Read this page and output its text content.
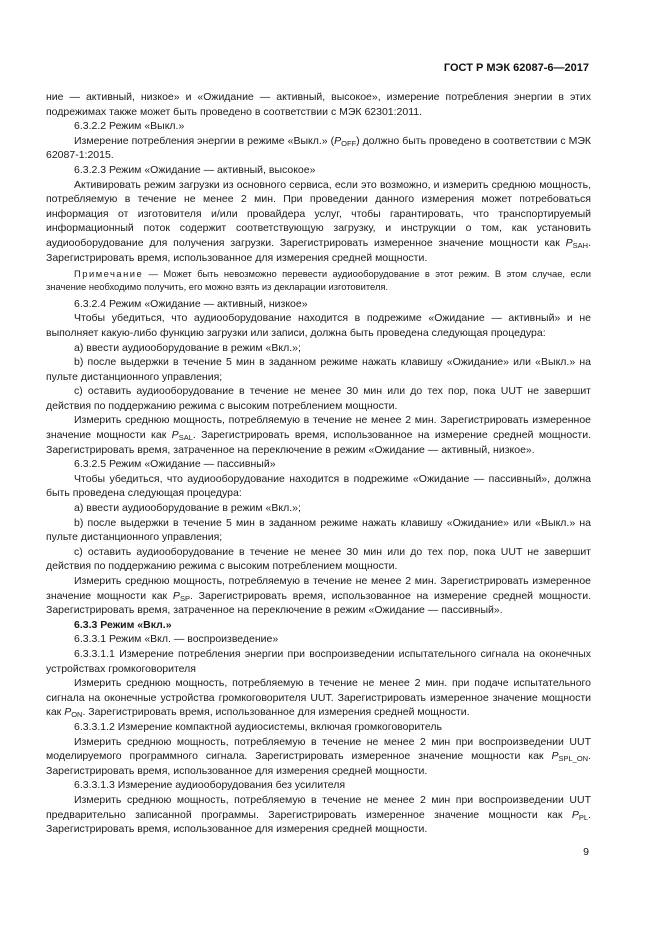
ГОСТ Р МЭК 62087-6—2017

ние — активный, низкое» и «Ожидание — активный, высокое», измерение потребления энергии в этих подрежимах также может быть проведено в соответствии с МЭК 62301:2011.

6.3.2.2 Режим «Выкл.»

Измерение потребления энергии в режиме «Выкл.» $(P_{OFF})$ должно быть проведено в соответствии с МЭК 62087-1:2015.

6.3.2.3 Режим «Ожидание — активный, высокое»

Активировать режим загрузки из основного сервиса, если это возможно, и измерить среднюю мощность, потребляемую в течение не менее 2 мин. При проведении данного измерения может потребоваться информация от изготовителя и/или провайдера услуг, чтобы гарантировать, что транспортируемый информационный поток содержит соответствующую загрузку, и инструкции о том, как установить аудиооборудование для получения загрузки. Зарегистрировать измеренное значение мощности как $P_{SAH}$. Зарегистрировать время, использованное для измерения средней мощности.

Примечание — Может быть невозможно перевести аудиооборудование в этот режим. В этом случае, если значение необходимо получить, его можно взять из декларации изготовителя.

6.3.2.4 Режим «Ожидание — активный, низкое»

Чтобы убедиться, что аудиооборудование находится в подрежиме «Ожидание — активный» и не выполняет какую-либо функцию загрузки или записи, должна быть проведена следующая процедура:

a) ввести аудиооборудование в режим «Вкл.»;

b) после выдержки в течение 5 мин в заданном режиме нажать клавишу «Ожидание» или «Выкл.» на пульте дистанционного управления;

c) оставить аудиооборудование в течение не менее 30 мин или до тех пор, пока UUT не завершит действия по поддержанию режима с высоким потреблением мощности.

Измерить среднюю мощность, потребляемую в течение не менее 2 мин. Зарегистрировать измеренное значение мощности как $P_{SAL}$. Зарегистрировать время, использованное на измерение средней мощности. Зарегистрировать время, затраченное на переключение в режим «Ожидание — активный, низкое».

6.3.2.5 Режим «Ожидание — пассивный»

Чтобы убедиться, что аудиооборудование находится в подрежиме «Ожидание — пассивный», должна быть проведена следующая процедура:

a) ввести аудиооборудование в режим «Вкл.»;

b) после выдержки в течение 5 мин в заданном режиме нажать клавишу «Ожидание» или «Выкл.» на пульте дистанционного управления;

c) оставить аудиооборудование в течение не менее 30 мин или до тех пор, пока UUT не завершит действия по поддержанию режима с высоким потреблением мощности.

Измерить среднюю мощность, потребляемую в течение не менее 2 мин. Зарегистрировать измеренное значение мощности как $P_{SP}$. Зарегистрировать время, использованное на измерение средней мощности. Зарегистрировать время, затраченное на переключение в режим «Ожидание — пассивный».

6.3.3 Режим «Вкл.»

6.3.3.1 Режим «Вкл. — воспроизведение»

6.3.3.1.1 Измерение потребления энергии при воспроизведении испытательного сигнала на оконечных устройствах громкоговорителя

Измерить среднюю мощность, потребляемую в течение не менее 2 мин. при подаче испытательного сигнала на оконечные устройства громкоговорителя UUT. Зарегистрировать измеренное значение мощности как $P_{ON}$. Зарегистрировать время, использованное для измерения средней мощности.

6.3.3.1.2 Измерение компактной аудиосистемы, включая громкоговоритель

Измерить среднюю мощность, потребляемую в течение не менее 2 мин при воспроизведении UUT моделируемого программного сигнала. Зарегистрировать измеренное значение мощности как $P_{SPL\_ON}$. Зарегистрировать время, использованное для измерения средней мощности.

6.3.3.1.3 Измерение аудиооборудования без усилителя

Измерить среднюю мощность, потребляемую в течение не менее 2 мин при воспроизведении UUT предварительно записанной программы. Зарегистрировать измеренное значение мощности как $P_{PL}$. Зарегистрировать время, использованное для измерения средней мощности.

9
